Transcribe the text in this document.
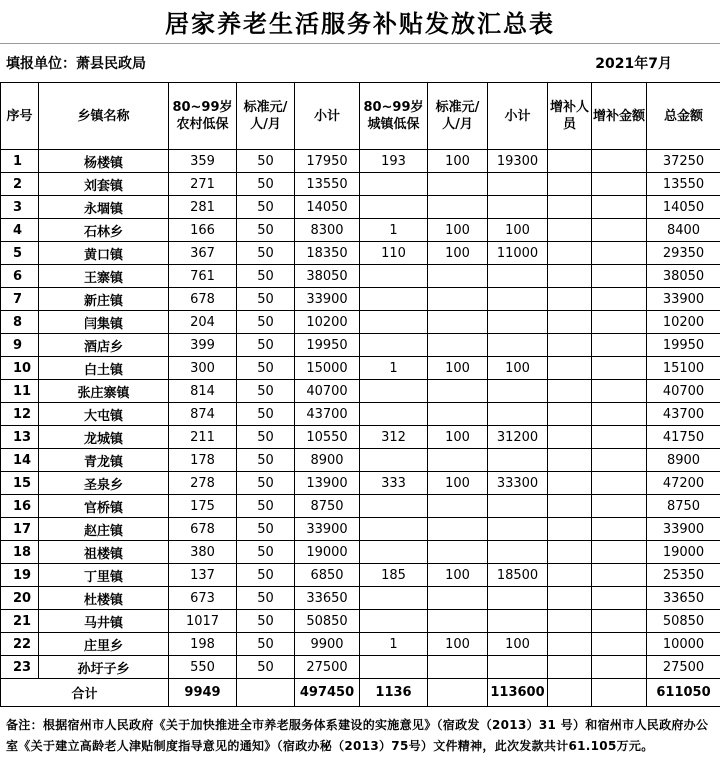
居家养老生活服务补贴发放汇总表
填报单位：萧县民政局	2021年7月
序号	乡镇名称	80~99岁农村低保	标准元/人/月	小计	80~99岁城镇低保	标准元/人/月	小计	增补人员	增补金额	总金额
1	杨楼镇	359	50	17950	193	100	19300			37250
2	刘套镇	271	50	13550						13550
3	永堌镇	281	50	14050						14050
4	石林乡	166	50	8300	1	100	100			8400
5	黄口镇	367	50	18350	110	100	11000			29350
6	王寨镇	761	50	38050						38050
7	新庄镇	678	50	33900						33900
8	闫集镇	204	50	10200						10200
9	酒店乡	399	50	19950						19950
10	白土镇	300	50	15000	1	100	100			15100
11	张庄寨镇	814	50	40700						40700
12	大屯镇	874	50	43700						43700
13	龙城镇	211	50	10550	312	100	31200			41750
14	青龙镇	178	50	8900						8900
15	圣泉乡	278	50	13900	333	100	33300			47200
16	官桥镇	175	50	8750						8750
17	赵庄镇	678	50	33900						33900
18	祖楼镇	380	50	19000						19000
19	丁里镇	137	50	6850	185	100	18500			25350
20	杜楼镇	673	50	33650						33650
21	马井镇	1017	50	50850						50850
22	庄里乡	198	50	9900	1	100	100			10000
23	孙圩子乡	550	50	27500						27500
合计		9949		497450	1136		113600			611050
备注：根据宿州市人民政府《关于加快推进全市养老服务体系建设的实施意见》（宿政发（2013）31 号）和宿州市人民政府办公室《关于建立高龄老人津贴制度指导意见的通知》（宿政办秘（2013）75号）文件精神，此次发款共计61.105万元。
